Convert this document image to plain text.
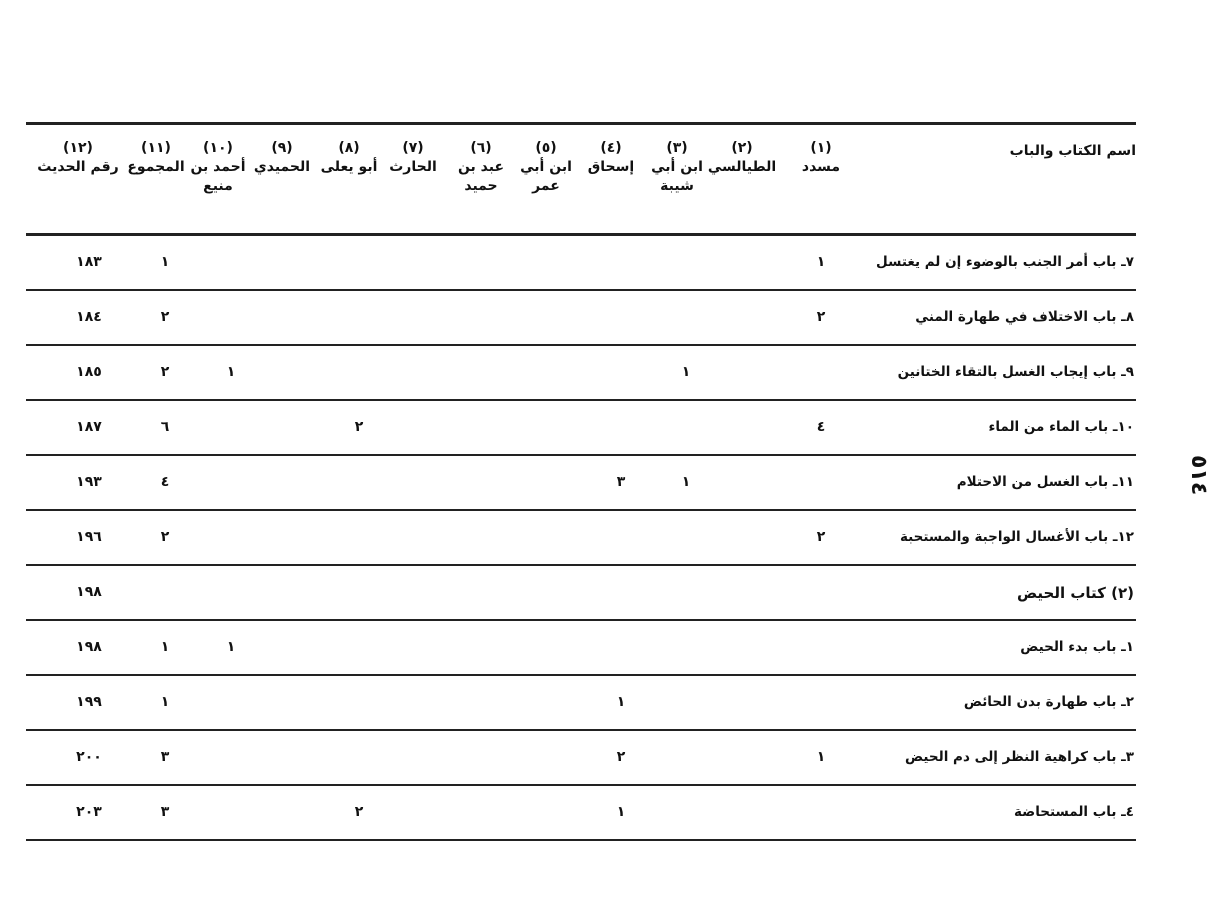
٥١٤
اسم الكتاب والباب
(١)
مسدد
(٢)
الطيالسي
(٣)
ابن أبي شيبة
(٤)
إسحاق
(٥)
ابن أبي عمر
(٦)
عبد بن حميد
(٧)
الحارث
(٨)
أبو يعلى
(٩)
الحميدي
(١٠)
أحمد بن منيع
(١١)
المجموع
(١٢)
رقم الحديث
٧ـ باب أمر الجنب بالوضوء إن لم يغتسل
١
١
١٨٣
٨ـ باب الاختلاف في طهارة المني
٢
٢
١٨٤
٩ـ باب إيجاب الغسل بالتقاء الختانين
١
١
٢
١٨٥
١٠ـ باب الماء من الماء
٤
٢
٦
١٨٧
١١ـ باب الغسل من الاحتلام
١
٣
٤
١٩٣
١٢ـ باب الأغسال الواجبة والمستحبة
٢
٢
١٩٦
(٢) كتاب الحيض
١٩٨
١ـ باب بدء الحيض
١
١
١٩٨
٢ـ باب طهارة بدن الحائض
١
١
١٩٩
٣ـ باب كراهية النظر إلى دم الحيض
١
٢
٣
٢٠٠
٤ـ باب المستحاضة
١
٢
٣
٢٠٣
